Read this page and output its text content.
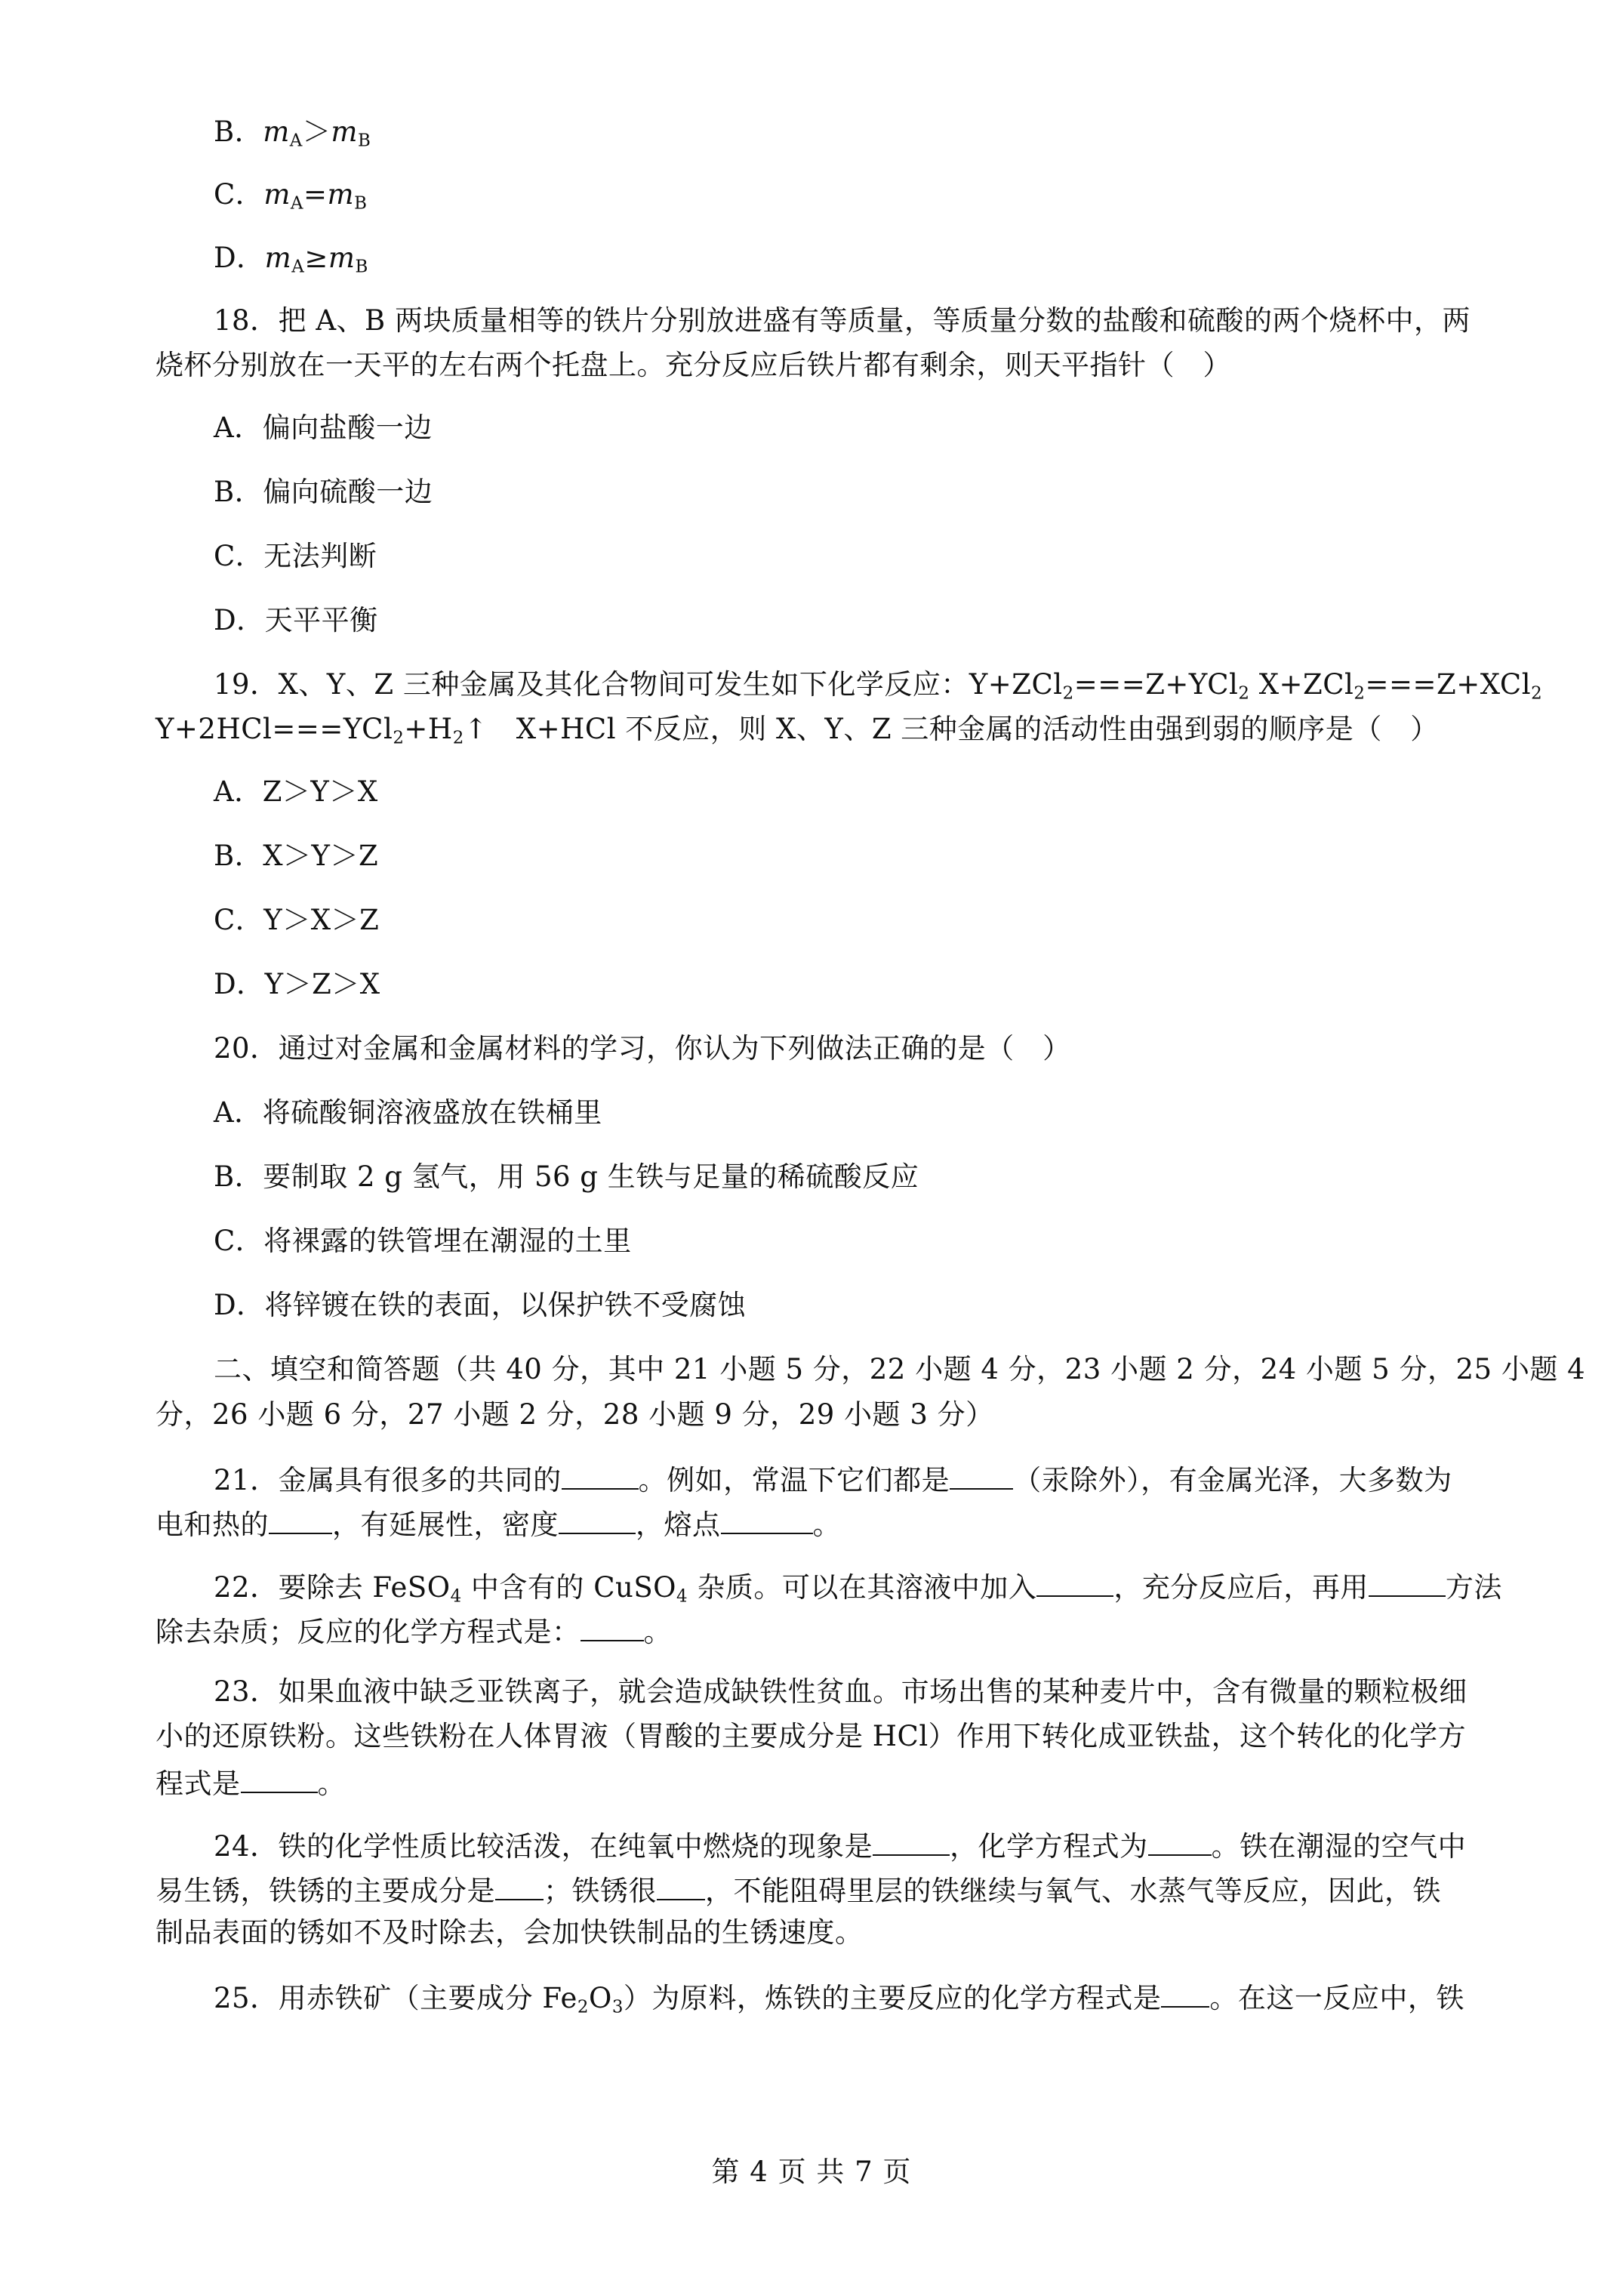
B．$m_A>m_B$
C．$m_A=m_B$
D．$m_A\ge m_B$
18．把 A、B 两块质量相等的铁片分别放进盛有等质量，等质量分数的盐酸和硫酸的两个烧杯中，两
烧杯分别放在一天平的左右两个托盘上。充分反应后铁片都有剩余，则天平指针（　）
A．偏向盐酸一边
B．偏向硫酸一边
C．无法判断
D．天平平衡
19．X、Y、Z 三种金属及其化合物间可发生如下化学反应：Y+ZCl$_2$===Z+YCl$_2$ X+ZCl$_2$===Z+XCl$_2$
$Y+2HCl===YCl_2+H_2↑$　X+HCl 不反应，则 X、Y、Z 三种金属的活动性由强到弱的顺序是（　）
A．Z＞Y＞X
B．X＞Y＞Z
C．Y＞X＞Z
D．Y＞Z＞X
20．通过对金属和金属材料的学习，你认为下列做法正确的是（　）
A．将硫酸铜溶液盛放在铁桶里
B．要制取 2 g 氢气，用 56 g 生铁与足量的稀硫酸反应
C．将裸露的铁管埋在潮湿的土里
D．将锌镀在铁的表面，以保护铁不受腐蚀
二、填空和简答题（共 40 分，其中 21 小题 5 分，22 小题 4 分，23 小题 2 分，24 小题 5 分，25 小题 4
分，26 小题 6 分，27 小题 2 分，28 小题 9 分，29 小题 3 分）
21．金属具有很多的共同的	。例如，常温下它们都是 （汞除外），有金属光泽，大多数为
电和热的 ，有延展性，密度	，熔点	。
22．要除去 FeSO$_4$ 中含有的 CuSO$_4$ 杂质。可以在其溶液中加入	，充分反应后，再用	方法
除去杂质；反应的化学方程式是： 。
23．如果血液中缺乏亚铁离子，就会造成缺铁性贫血。市场出售的某种麦片中，含有微量的颗粒极细
小的还原铁粉。这些铁粉在人体胃液（胃酸的主要成分是 HCl）作用下转化成亚铁盐，这个转化的化学方
程式是	。
24．铁的化学性质比较活泼，在纯氧中燃烧的现象是	，化学方程式为 。铁在潮湿的空气中
易生锈，铁锈的主要成分是 ；铁锈很 ，不能阻碍里层的铁继续与氧气、水蒸气等反应，因此，铁
制品表面的锈如不及时除去，会加快铁制品的生锈速度。
25．用赤铁矿（主要成分 $Fe_2O_3$）为原料，炼铁的主要反应的化学方程式是 。在这一反应中，铁
第 4 页 共 7 页
